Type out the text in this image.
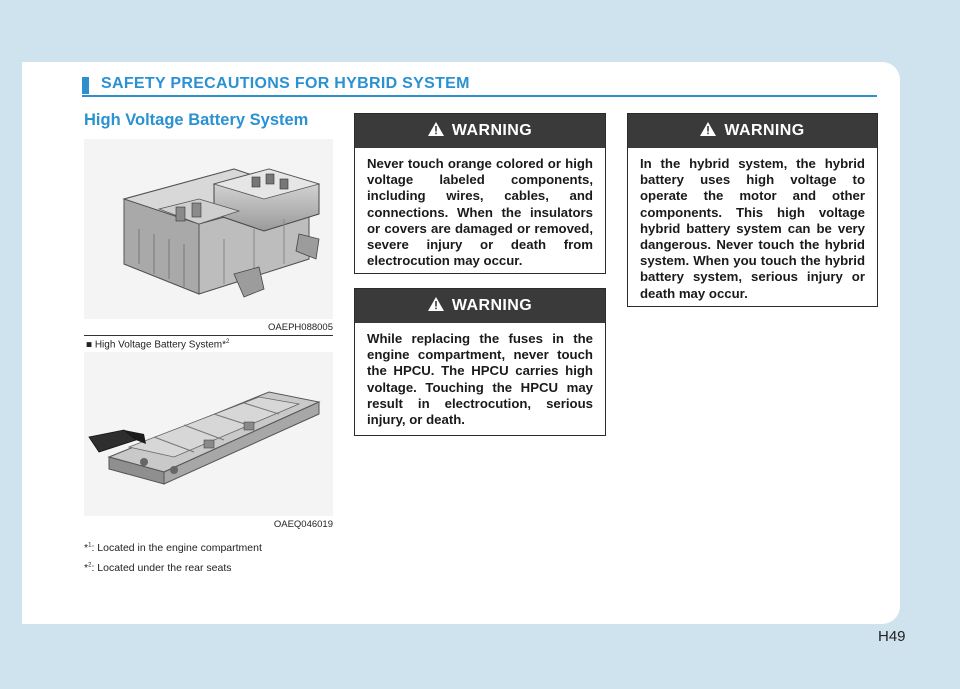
SAFETY PRECAUTIONS FOR HYBRID SYSTEM
High Voltage Battery System
OAEPH088005
■ High Voltage Battery System*$^2$
OAEQ046019
*$^1$: Located in the engine compartment
*$^2$: Located under the rear seats
WARNING
Never touch orange colored or high voltage labeled components, including wires, cables, and connections. When the insulators or covers are damaged or removed, severe injury or death from electrocution may occur.
WARNING
While replacing the fuses in the engine compartment, never touch the HPCU. The HPCU carries high voltage. Touching the HPCU may result in electrocution, serious injury, or death.
WARNING
In the hybrid system, the hybrid battery uses high voltage to operate the motor and other components. This high voltage hybrid battery system can be very dangerous. Never touch the hybrid system. When you touch the hybrid battery system, serious injury or death may occur.
H49
